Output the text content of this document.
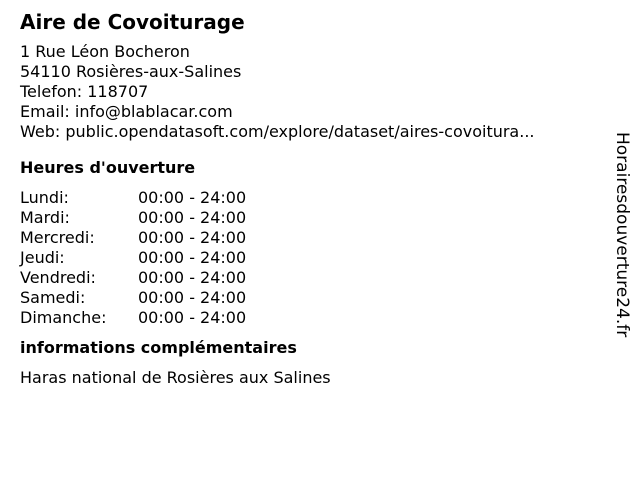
Aire de Covoiturage
1 Rue Léon Bocheron
54110 Rosières-aux-Salines
Telefon: 118707
Email: info@blablacar.com
Web: public.opendatasoft.com/explore/dataset/aires-covoitura...
Heures d'ouverture
Lundi:	00:00 - 24:00
Mardi:	00:00 - 24:00
Mercredi:	00:00 - 24:00
Jeudi:	00:00 - 24:00
Vendredi:	00:00 - 24:00
Samedi:	00:00 - 24:00
Dimanche:	00:00 - 24:00
informations complémentaires
Haras national de Rosières aux Salines
Horairesdouverture24.fr
